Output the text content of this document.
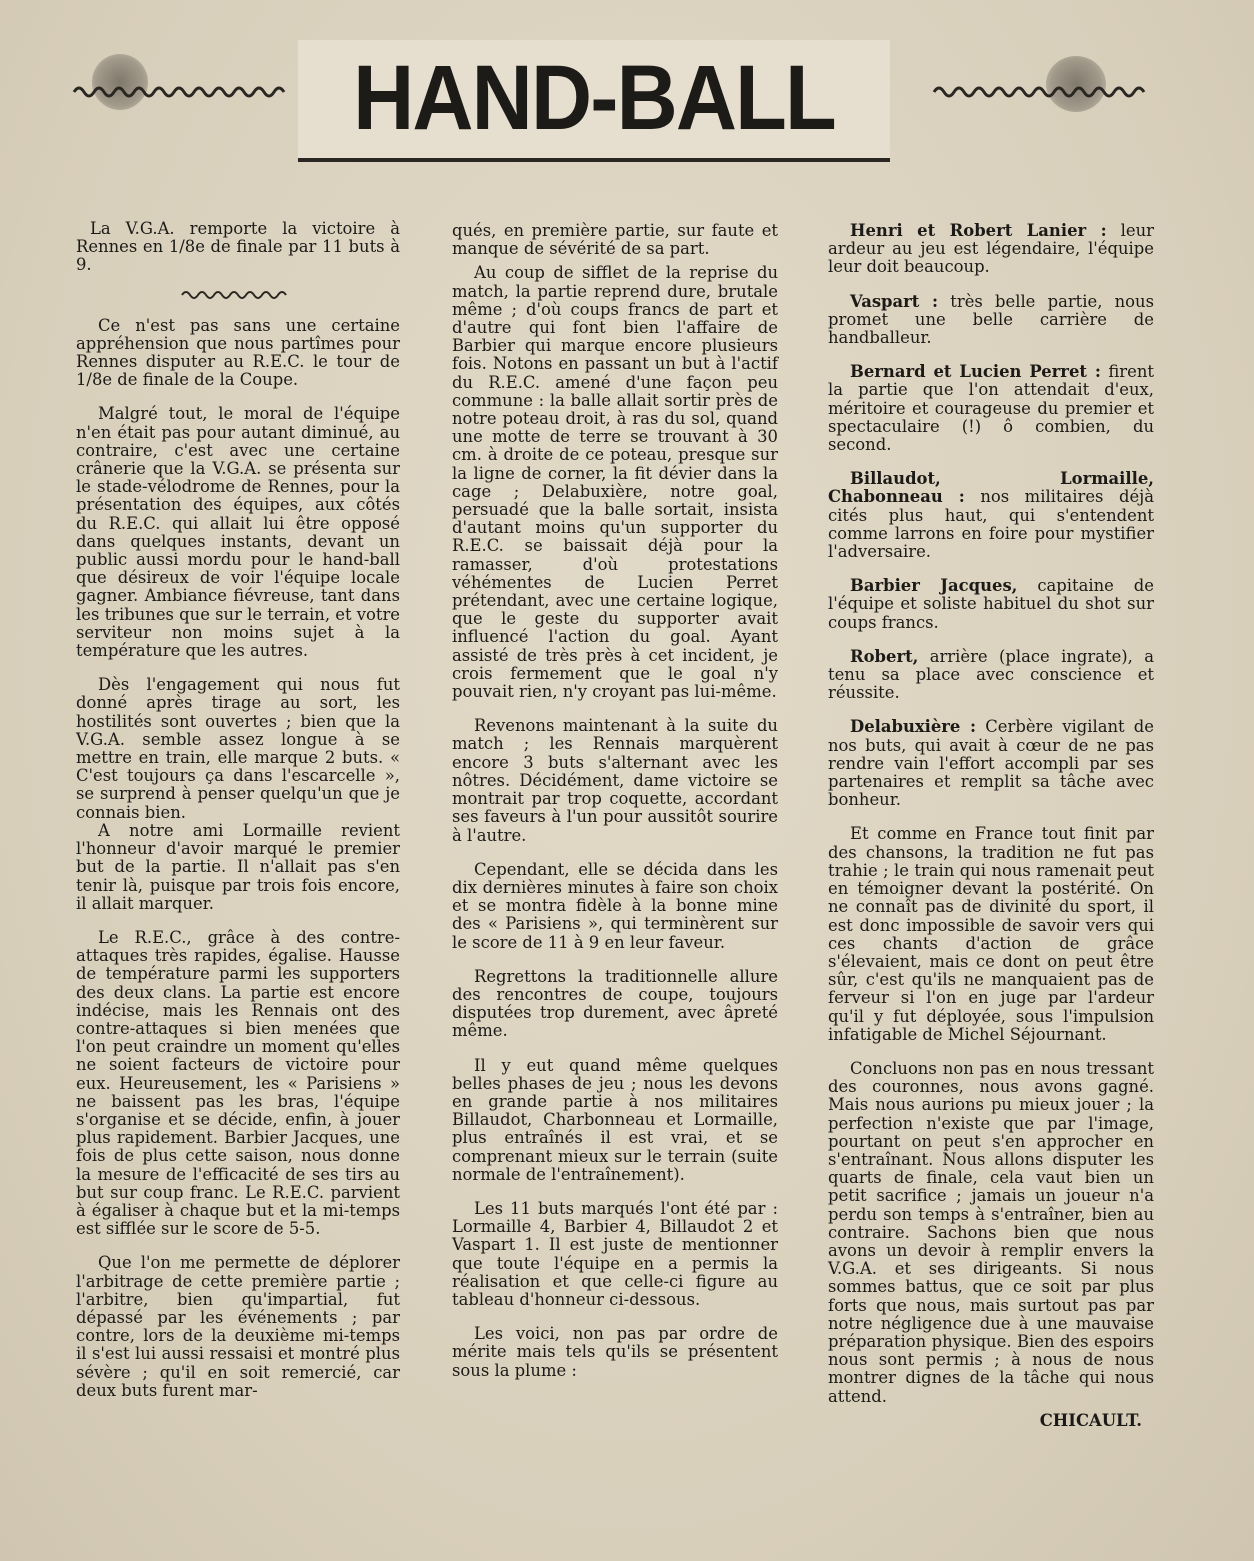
HAND-BALL

La V.G.A. remporte la victoire à Rennes en 1/8e de finale par 11 buts à 9.

Ce n'est pas sans une certaine appréhension que nous partîmes pour Rennes disputer au R.E.C. le tour de 1/8e de finale de la Coupe.

Malgré tout, le moral de l'équipe n'en était pas pour autant diminué, au contraire, c'est avec une certaine crânerie que la V.G.A. se présenta sur le stade-vélodrome de Rennes, pour la présentation des équipes, aux côtés du R.E.C. qui allait lui être opposé dans quelques instants, devant un public aussi mordu pour le hand-ball que désireux de voir l'équipe locale gagner. Ambiance fiévreuse, tant dans les tribunes que sur le terrain, et votre serviteur non moins sujet à la température que les autres.

Dès l'engagement qui nous fut donné après tirage au sort, les hostilités sont ouvertes ; bien que la V.G.A. semble assez longue à se mettre en train, elle marque 2 buts. « C'est toujours ça dans l'escarcelle », se surprend à penser quelqu'un que je connais bien.

A notre ami Lormaille revient l'honneur d'avoir marqué le premier but de la partie. Il n'allait pas s'en tenir là, puisque par trois fois encore, il allait marquer.

Le R.E.C., grâce à des contre-attaques très rapides, égalise. Hausse de température parmi les supporters des deux clans. La partie est encore indécise, mais les Rennais ont des contre-attaques si bien menées que l'on peut craindre un moment qu'elles ne soient facteurs de victoire pour eux. Heureusement, les « Parisiens » ne baissent pas les bras, l'équipe s'organise et se décide, enfin, à jouer plus rapidement. Barbier Jacques, une fois de plus cette saison, nous donne la mesure de l'efficacité de ses tirs au but sur coup franc. Le R.E.C. parvient à égaliser à chaque but et la mi-temps est sifflée sur le score de 5-5.

Que l'on me permette de déplorer l'arbitrage de cette première partie ; l'arbitre, bien qu'impartial, fut dépassé par les événements ; par contre, lors de la deuxième mi-temps il s'est lui aussi ressaisi et montré plus sévère ; qu'il en soit remercié, car deux buts furent mar-

qués, en première partie, sur faute et manque de sévérité de sa part.

Au coup de sifflet de la reprise du match, la partie reprend dure, brutale même ; d'où coups francs de part et d'autre qui font bien l'affaire de Barbier qui marque encore plusieurs fois. Notons en passant un but à l'actif du R.E.C. amené d'une façon peu commune : la balle allait sortir près de notre poteau droit, à ras du sol, quand une motte de terre se trouvant à 30 cm. à droite de ce poteau, presque sur la ligne de corner, la fit dévier dans la cage ; Delabuxière, notre goal, persuadé que la balle sortait, insista d'autant moins qu'un supporter du R.E.C. se baissait déjà pour la ramasser, d'où protestations véhémentes de Lucien Perret prétendant, avec une certaine logique, que le geste du supporter avait influencé l'action du goal. Ayant assisté de très près à cet incident, je crois fermement que le goal n'y pouvait rien, n'y croyant pas lui-même.

Revenons maintenant à la suite du match ; les Rennais marquèrent encore 3 buts s'alternant avec les nôtres. Décidément, dame victoire se montrait par trop coquette, accordant ses faveurs à l'un pour aussitôt sourire à l'autre.

Cependant, elle se décida dans les dix dernières minutes à faire son choix et se montra fidèle à la bonne mine des « Parisiens », qui terminèrent sur le score de 11 à 9 en leur faveur.

Regrettons la traditionnelle allure des rencontres de coupe, toujours disputées trop durement, avec âpreté même.

Il y eut quand même quelques belles phases de jeu ; nous les devons en grande partie à nos militaires Billaudot, Charbonneau et Lormaille, plus entraînés il est vrai, et se comprenant mieux sur le terrain (suite normale de l'entraînement).

Les 11 buts marqués l'ont été par : Lormaille 4, Barbier 4, Billaudot 2 et Vaspart 1. Il est juste de mentionner que toute l'équipe en a permis la réalisation et que celle-ci figure au tableau d'honneur ci-dessous.

Les voici, non pas par ordre de mérite mais tels qu'ils se présentent sous la plume :

Henri et Robert Lanier : leur ardeur au jeu est légendaire, l'équipe leur doit beaucoup.

Vaspart : très belle partie, nous promet une belle carrière de handballeur.

Bernard et Lucien Perret : firent la partie que l'on attendait d'eux, méritoire et courageuse du premier et spectaculaire (!) ô combien, du second.

Billaudot, Lormaille, Chabonneau : nos militaires déjà cités plus haut, qui s'entendent comme larrons en foire pour mystifier l'adversaire.

Barbier Jacques, capitaine de l'équipe et soliste habituel du shot sur coups francs.

Robert, arrière (place ingrate), a tenu sa place avec conscience et réussite.

Delabuxière : Cerbère vigilant de nos buts, qui avait à cœur de ne pas rendre vain l'effort accompli par ses partenaires et remplit sa tâche avec bonheur.

Et comme en France tout finit par des chansons, la tradition ne fut pas trahie ; le train qui nous ramenait peut en témoigner devant la postérité. On ne connaît pas de divinité du sport, il est donc impossible de savoir vers qui ces chants d'action de grâce s'élevaient, mais ce dont on peut être sûr, c'est qu'ils ne manquaient pas de ferveur si l'on en juge par l'ardeur qu'il y fut déployée, sous l'impulsion infatigable de Michel Séjournant.

Concluons non pas en nous tressant des couronnes, nous avons gagné. Mais nous aurions pu mieux jouer ; la perfection n'existe que par l'image, pourtant on peut s'en approcher en s'entraînant. Nous allons disputer les quarts de finale, cela vaut bien un petit sacrifice ; jamais un joueur n'a perdu son temps à s'entraîner, bien au contraire. Sachons bien que nous avons un devoir à remplir envers la V.G.A. et ses dirigeants. Si nous sommes battus, que ce soit par plus forts que nous, mais surtout pas par notre négligence due à une mauvaise préparation physique. Bien des espoirs nous sont permis ; à nous de nous montrer dignes de la tâche qui nous attend.

CHICAULT.
